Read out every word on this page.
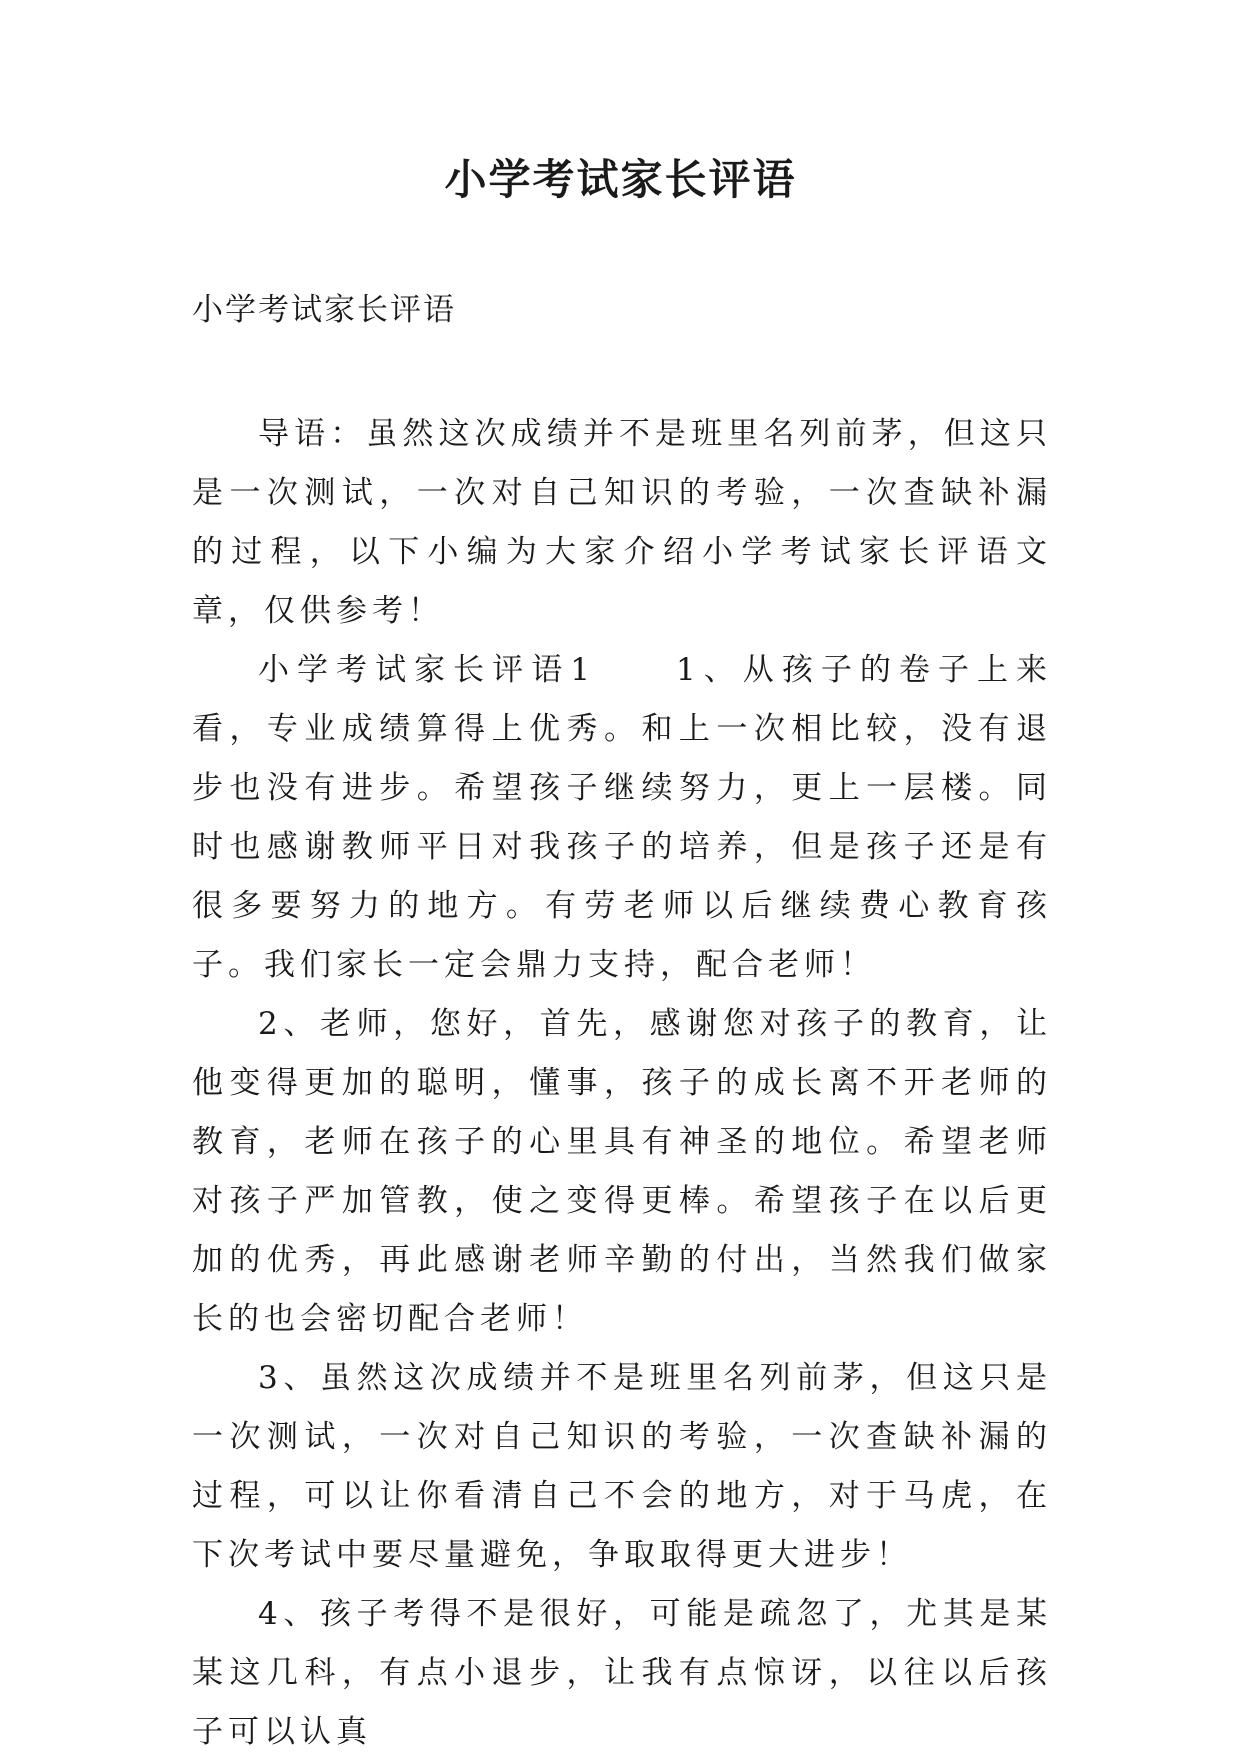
小学考试家长评语

小学考试家长评语

导语：虽然这次成绩并不是班里名列前茅，但这只是一次测试，一次对自己知识的考验，一次查缺补漏的过程，以下小编为大家介绍小学考试家长评语文章，仅供参考！

小学考试家长评语1　　1、从孩子的卷子上来看，专业成绩算得上优秀。和上一次相比较，没有退步也没有进步。希望孩子继续努力，更上一层楼。同时也感谢教师平日对我孩子的培养，但是孩子还是有很多要努力的地方。有劳老师以后继续费心教育孩子。我们家长一定会鼎力支持，配合老师！

2、老师，您好，首先，感谢您对孩子的教育，让他变得更加的聪明，懂事，孩子的成长离不开老师的教育，老师在孩子的心里具有神圣的地位。希望老师对孩子严加管教，使之变得更棒。希望孩子在以后更加的优秀，再此感谢老师辛勤的付出，当然我们做家长的也会密切配合老师！

3、虽然这次成绩并不是班里名列前茅，但这只是一次测试，一次对自己知识的考验，一次查缺补漏的过程，可以让你看清自己不会的地方，对于马虎，在下次考试中要尽量避免，争取取得更大进步！

4、孩子考得不是很好，可能是疏忽了，尤其是某某这几科，有点小退步，让我有点惊讶，以往以后孩子可以认真
